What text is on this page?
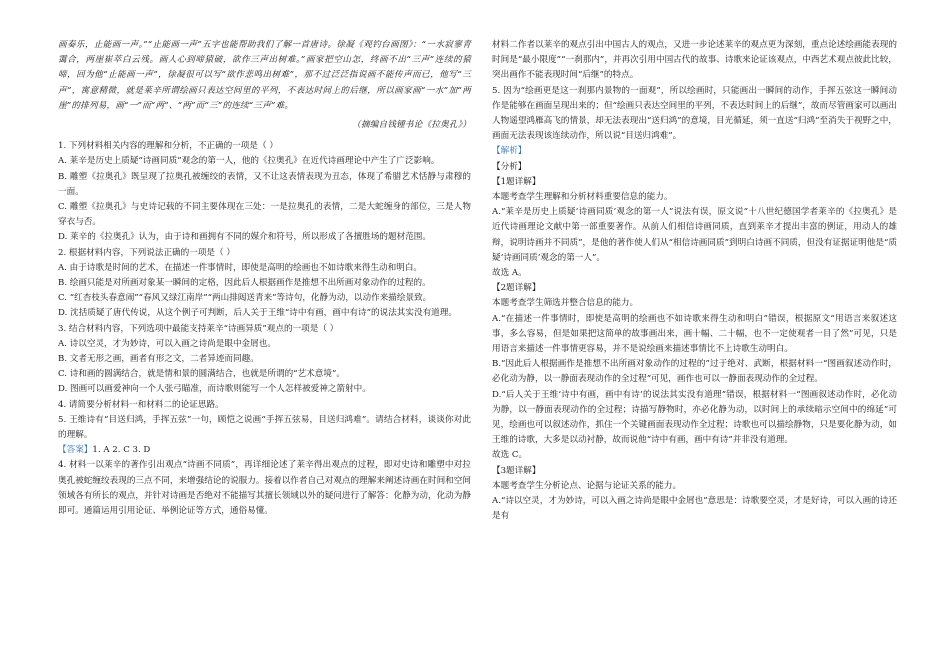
画奏乐，止能画一声。”“止能画一声”五字也能帮助我们了解一首唐诗。徐凝《观钓台画图》：“一水寂寥青霭合，两崖崔萃白云残。画人心到啼猿破，欲作三声出树难。”画家把空山怎，终画不出“三声”连续的猿啼，回为他“止能画一声”，徐凝很可以写“欲作悲鸣出树难”，那不过泛泛指说画不能传声而已，他写“三声”，寓意精微，就是莱辛所谓绘画只表达空间里的平列，不表达时间上的后继，所以画家画“一水”加“两崖”的排列易，画“一”而“两”、“两”而“三”的连续“三声”难。

（摘编自钱锺书论《拉奥孔》）

1. 下列材料相关内容的理解和分析，不正确的一项是（ ）

A. 莱辛是历史上质疑“诗画同质”观念的第一人，他的《拉奥孔》在近代诗画理论中产生了广泛影响。

B. 雕塑《拉奥孔》既呈现了拉奥孔被缠绞的表情，又不让这表情表现为丑态，体现了希腊艺术恬静与肃穆的一面。

C. 雕塑《拉奥孔》与史诗记载的不同主要体现在三处：一是拉奥孔的表情，二是大蛇缠身的部位，三是人物穿衣与否。

D. 莱辛的《拉奥孔》认为，由于诗和画拥有不同的媒介和符号，所以形成了各擅胜场的题材范围。

2. 根据材料内容，下列说法正确的一项是（ ）

A. 由于诗歌是时间的艺术，在描述一件事情时，即使是高明的绘画也不如诗歌来得生动和明白。

B. 绘画只能是对所画对象某一瞬间的定格，因此后人根据画作是推想不出所画对象动作的过程的。

C. “红杏枝头春意闹”“春风又绿江南岸”“两山排闼送青来”等诗句，化静为动，以动作来描绘景致。

D. 沈括质疑了唐代传说，从这个例子可判断，后人关于王维“诗中有画，画中有诗”的说法其实没有道理。

3. 结合材料内容，下列选项中最能支持莱辛“诗画异质”观点的一项是（ ）

A. 诗以空灵，才为妙诗，可以入画之诗尚是眼中金屑也。

B. 文者无形之画，画者有形之文，二者异迹而同趣。

C. 诗和画的圆满结合，就是情和景的圆满结合，也就是所谓的“艺术意境”。

D. 图画可以画爱神向一个人张弓瞄准，而诗歌则能写一个人怎样被爱神之箭射中。

4. 请简要分析材料一和材料二的论证思路。

5. 王维诗有“目送归鸿，手挥五弦”一句，顾恺之说画“手挥五弦易，目送归鸿难”。请结合材料，谈谈你对此的理解。

【答案】1. A 2. C 3. D

4. 材料一以莱辛的著作引出观点“诗画不同质”，再详细论述了莱辛得出观点的过程，即对史诗和雕塑中对拉奥孔被蛇缠绞表现的三点不同，来增强结论的说服力。接着以作者自己对观点的理解来阐述诗画在时间和空间领域各有所长的观点，并针对诗画是否绝对不能描写其擅长领域以外的疑问进行了解答：化静为动，化动为静即可。通篇运用引用论证、举例论证等方式，通俗易懂。

材料二作者以莱辛的观点引出中国古人的观点，又进一步论述莱辛的观点更为深刻，重点论述绘画能表现的时间是“最小限度”“一刹那内”，并再次引用中国古代的故事、诗歌来论证该观点，中西艺术观点彼此比较，突出画作不能表现时间“后继”的特点。

5. 因为“绘画更是这一刹那内景物的一面观”，所以绘画时，只能画出一瞬间的动作，手挥五弦这一瞬间动作是能够在画面呈现出来的；但“绘画只表达空间里的平列，不表达时间上的后继”，故而尽管画家可以画出人物遥望鸿雁高飞的情景，却无法表现出“送归鸿”的意境，目光循延，须一直送“归鸿”至消失于视野之中，画面无法表现该连续动作，所以说“目送归鸿难”。

【解析】

【分析】

【1题详解】

本题考查学生理解和分析材料重要信息的能力。

A.“莱辛是历史上质疑‘诗画同质’观念的第一人”说法有误，原文说“十八世纪德国学者莱辛的《拉奥孔》是近代诗画理论文献中第一部重要著作。从前人们相信诗画同质，直到莱辛才提出丰富的例证，用动人的雄辩，说明诗画并不同质”，是他的著作使人们从“相信诗画同质”到明白诗画不同质，但没有证据证明他是“质疑‘诗画同质’观念的第一人”。

故选 A。

【2题详解】

本题考查学生筛选并整合信息的能力。

A.“在描述一件事情时，即使是高明的绘画也不如诗歌来得生动和明白”错误，根据原文“用语言来叙述这事，多么容易，但是如果把这简单的故事画出来，画十幅、二十幅，也不一定使观者一目了然”可见，只是用语言来描述一件事情更容易，并不是说绘画来描述事情比不上诗歌生动明白。

B.“因此后人根据画作是推想不出所画对象动作的过程的”过于绝对、武断，根据材料一“图画叙述动作时，必化动为静，以一静面表现动作的全过程”可见，画作也可以一静面表现动作的全过程。

D.“后人关于王维‘诗中有画，画中有诗’的说法其实没有道理”错误，根据材料一“图画叙述动作时，必化动为静，以一静面表现动作的全过程；诗描写静物时，亦必化静为动，以时间上的承续暗示空间中的绵延”可见，绘画也可以叙述动作，抓住一个关键画面表现动作全过程；诗歌也可以描绘静物，只是要化静为动，如王维的诗歌，大多是以动衬静，故而说他“诗中有画，画中有诗”并非没有道理。

故选 C。

【3题详解】

本题考查学生分析论点、论据与论证关系的能力。

A.“诗以空灵，才为妙诗，可以入画之诗尚是眼中金屑也”意思是：诗歌要空灵，才是好诗，可以入画的诗还是有
